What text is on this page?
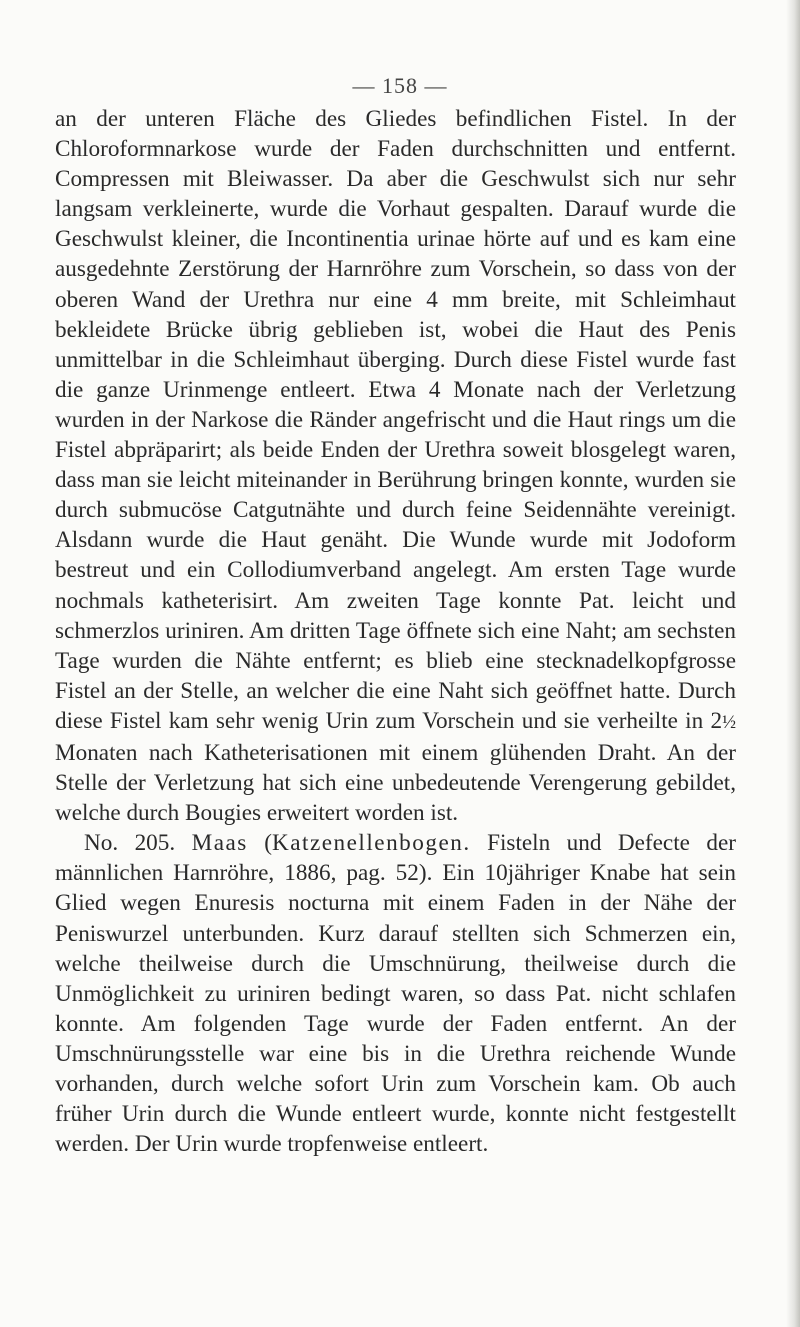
— 158 —

an der unteren Fläche des Gliedes befindlichen Fistel. In der Chloroformnarkose wurde der Faden durchschnitten und entfernt. Compressen mit Bleiwasser. Da aber die Geschwulst sich nur sehr langsam verkleinerte, wurde die Vorhaut gespalten. Darauf wurde die Geschwulst kleiner, die Incontinentia urinae hörte auf und es kam eine ausgedehnte Zerstörung der Harnröhre zum Vorschein, so dass von der oberen Wand der Urethra nur eine 4 mm breite, mit Schleimhaut bekleidete Brücke übrig geblieben ist, wobei die Haut des Penis unmittelbar in die Schleimhaut überging. Durch diese Fistel wurde fast die ganze Urinmenge entleert. Etwa 4 Monate nach der Verletzung wurden in der Narkose die Ränder angefrischt und die Haut rings um die Fistel abpräparirt; als beide Enden der Urethra soweit blosgelegt waren, dass man sie leicht miteinander in Berührung bringen konnte, wurden sie durch submucöse Catgutnähte und durch feine Seidennähte vereinigt. Alsdann wurde die Haut genäht. Die Wunde wurde mit Jodoform bestreut und ein Collodiumverband angelegt. Am ersten Tage wurde nochmals katheterisirt. Am zweiten Tage konnte Pat. leicht und schmerzlos uriniren. Am dritten Tage öffnete sich eine Naht; am sechsten Tage wurden die Nähte entfernt; es blieb eine stecknadelkopfgrosse Fistel an der Stelle, an welcher die eine Naht sich geöffnet hatte. Durch diese Fistel kam sehr wenig Urin zum Vorschein und sie verheilte in 2½ Monaten nach Katheterisationen mit einem glühenden Draht. An der Stelle der Verletzung hat sich eine unbedeutende Verengerung gebildet, welche durch Bougies erweitert worden ist.

No. 205. Maas (Katzenellenbogen. Fisteln und Defecte der männlichen Harnröhre, 1886, pag. 52). Ein 10jähriger Knabe hat sein Glied wegen Enuresis nocturna mit einem Faden in der Nähe der Peniswurzel unterbunden. Kurz darauf stellten sich Schmerzen ein, welche theilweise durch die Umschnürung, theilweise durch die Unmöglichkeit zu uriniren bedingt waren, so dass Pat. nicht schlafen konnte. Am folgenden Tage wurde der Faden entfernt. An der Umschnürungsstelle war eine bis in die Urethra reichende Wunde vorhanden, durch welche sofort Urin zum Vorschein kam. Ob auch früher Urin durch die Wunde entleert wurde, konnte nicht festgestellt werden. Der Urin wurde tropfenweise entleert.
